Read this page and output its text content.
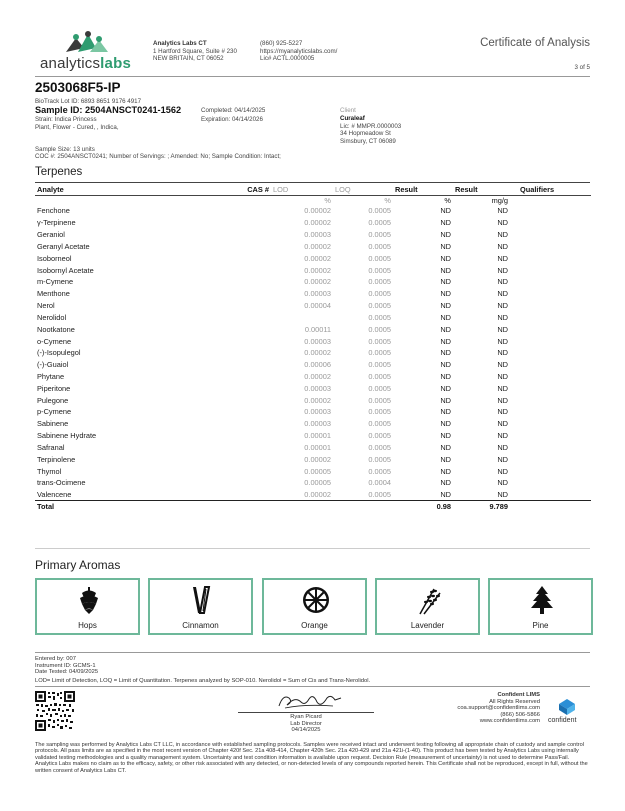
analyticslabs
Analytics Labs CT
1 Hartford Square, Suite # 230
NEW BRITAIN, CT 06052
(860) 925-5227
https://myanalyticslabs.com/
Lic# ACTL.0000005
Certificate of Analysis
3 of 5
2503068F5-IP
BioTrack Lot ID: 6893 8651 9176 4917
Sample ID: 2504ANSCT0241-1562
Strain: Indica Princess
Plant, Flower - Cured, , Indica,
Completed: 04/14/2025
Expiration: 04/14/2026
Client
Curaleaf
Lic: # MMPR.0000003
34 Hopmeadow St
Simsbury, CT 06089
Sample Size: 13 units
COC #: 2504ANSCT0241; Number of Servings: ; Amended: No; Sample Condition: Intact;
Terpenes
Analyte	CAS #	LOD	LOQ	Result	Result	Qualifiers
		%	%	%	mg/g	
Fenchone		0.00002	0.0005	ND	ND	
γ-Terpinene		0.00002	0.0005	ND	ND	
Geraniol		0.00003	0.0005	ND	ND	
Geranyl Acetate		0.00002	0.0005	ND	ND	
Isoborneol		0.00002	0.0005	ND	ND	
Isobornyl Acetate		0.00002	0.0005	ND	ND	
m-Cymene		0.00002	0.0005	ND	ND	
Menthone		0.00003	0.0005	ND	ND	
Nerol		0.00004	0.0005	ND	ND	
Nerolidol			0.0005	ND	ND	
Nootkatone		0.00011	0.0005	ND	ND	
o-Cymene		0.00003	0.0005	ND	ND	
(-)-Isopulegol		0.00002	0.0005	ND	ND	
(-)-Guaiol		0.00006	0.0005	ND	ND	
Phytane		0.00002	0.0005	ND	ND	
Piperitone		0.00003	0.0005	ND	ND	
Pulegone		0.00002	0.0005	ND	ND	
p-Cymene		0.00003	0.0005	ND	ND	
Sabinene		0.00003	0.0005	ND	ND	
Sabinene Hydrate		0.00001	0.0005	ND	ND	
Safranal		0.00001	0.0005	ND	ND	
Terpinolene		0.00002	0.0005	ND	ND	
Thymol		0.00005	0.0005	ND	ND	
trans-Ocimene		0.00005	0.0004	ND	ND	
Valencene		0.00002	0.0005	ND	ND	
Total				0.98	9.789	
Primary Aromas
Hops	Cinnamon	Orange	Lavender	Pine
Entered by: 007
Instrument ID: GCMS-1
Date Tested: 04/09/2025
LOD= Limit of Detection, LOQ = Limit of Quantitation. Terpenes analyzed by SOP-010. Nerolidol = Sum of Cis and Trans-Nerolidol.
Ryan Picard
Lab Director
04/14/2025
Confident LIMS
All Rights Reserved
coa.support@confidentlims.com
(866) 506-5866
www.confidentlims.com confident
The sampling was performed by Analytics Labs CT LLC, in accordance with established sampling protocols. Samples were received intact and underwent testing following all appropriate chain of custody and sample control protocols. All pass limits are as specified in the most recent version of Chapter 420f Sec. 21a 408-414, Chapter 420h Sec. 21a 420-429 and 21a 421i-(1-40). This product has been tested by Analytics Labs using internally validated testing methodologies and a quality management system. Uncertainty and test condition information is available upon request. Decision Rule (measurement of uncertainty) is not used to determine Pass/Fail. Analytics Labs makes no claim as to the efficacy, safety, or other risk associated with any detected, or non-detected levels of any compounds reported herein. This Certificate shall not be reproduced, except in full, without the written consent of Analytics Labs CT.
